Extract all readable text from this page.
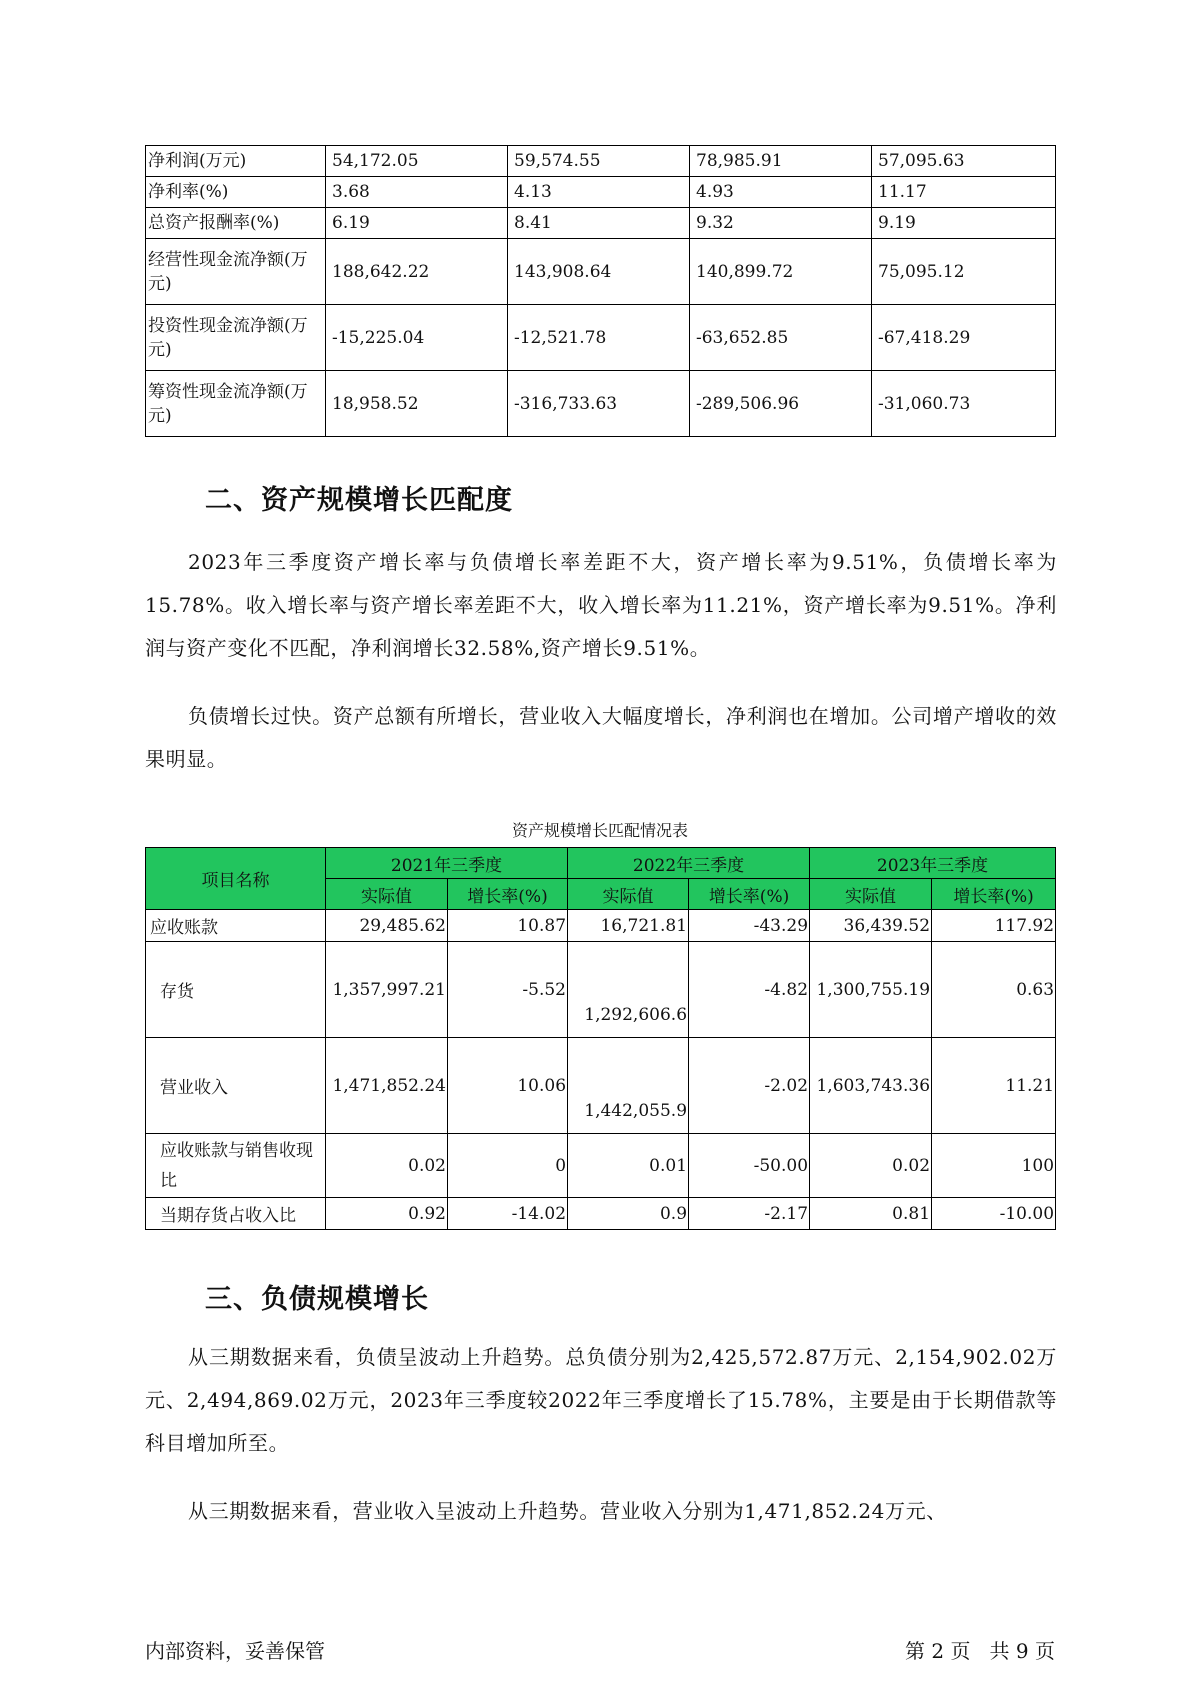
净利润(万元)	54,172.05	59,574.55	78,985.91	57,095.63
净利率(%)	3.68	4.13	4.93	11.17
总资产报酬率(%)	6.19	8.41	9.32	9.19
经营性现金流净额(万元)	188,642.22	143,908.64	140,899.72	75,095.12
投资性现金流净额(万元)	-15,225.04	-12,521.78	-63,652.85	-67,418.29
筹资性现金流净额(万元)	18,958.52	-316,733.63	-289,506.96	-31,060.73
二、资产规模增长匹配度

2023年三季度资产增长率与负债增长率差距不大，资产增长率为9.51%，负债增长率为15.78%。收入增长率与资产增长率差距不大，收入增长率为11.21%，资产增长率为9.51%。净利润与资产变化不匹配，净利润增长32.58%,资产增长9.51%。

负债增长过快。资产总额有所增长，营业收入大幅度增长，净利润也在增加。公司增产增收的效果明显。

资产规模增长匹配情况表

项目名称	2021年三季度		2022年三季度		2023年三季度	
	实际值	增长率(%)	实际值	增长率(%)	实际值	增长率(%)
应收账款	29,485.62	10.87	16,721.81	-43.29	36,439.52	117.92
存货	1,357,997.21	-5.52	1,292,606.6	-4.82	1,300,755.19	0.63
营业收入	1,471,852.24	10.06	1,442,055.9	-2.02	1,603,743.36	11.21
应收账款与销售收现比	0.02	0	0.01	-50.00	0.02	100
当期存货占收入比	0.92	-14.02	0.9	-2.17	0.81	-10.00
三、负债规模增长

从三期数据来看，负债呈波动上升趋势。总负债分别为2,425,572.87万元、2,154,902.02万元、2,494,869.02万元，2023年三季度较2022年三季度增长了15.78%，主要是由于长期借款等科目增加所至。

从三期数据来看，营业收入呈波动上升趋势。营业收入分别为1,471,852.24万元、

内部资料，妥善保管	第 2 页   共 9 页
